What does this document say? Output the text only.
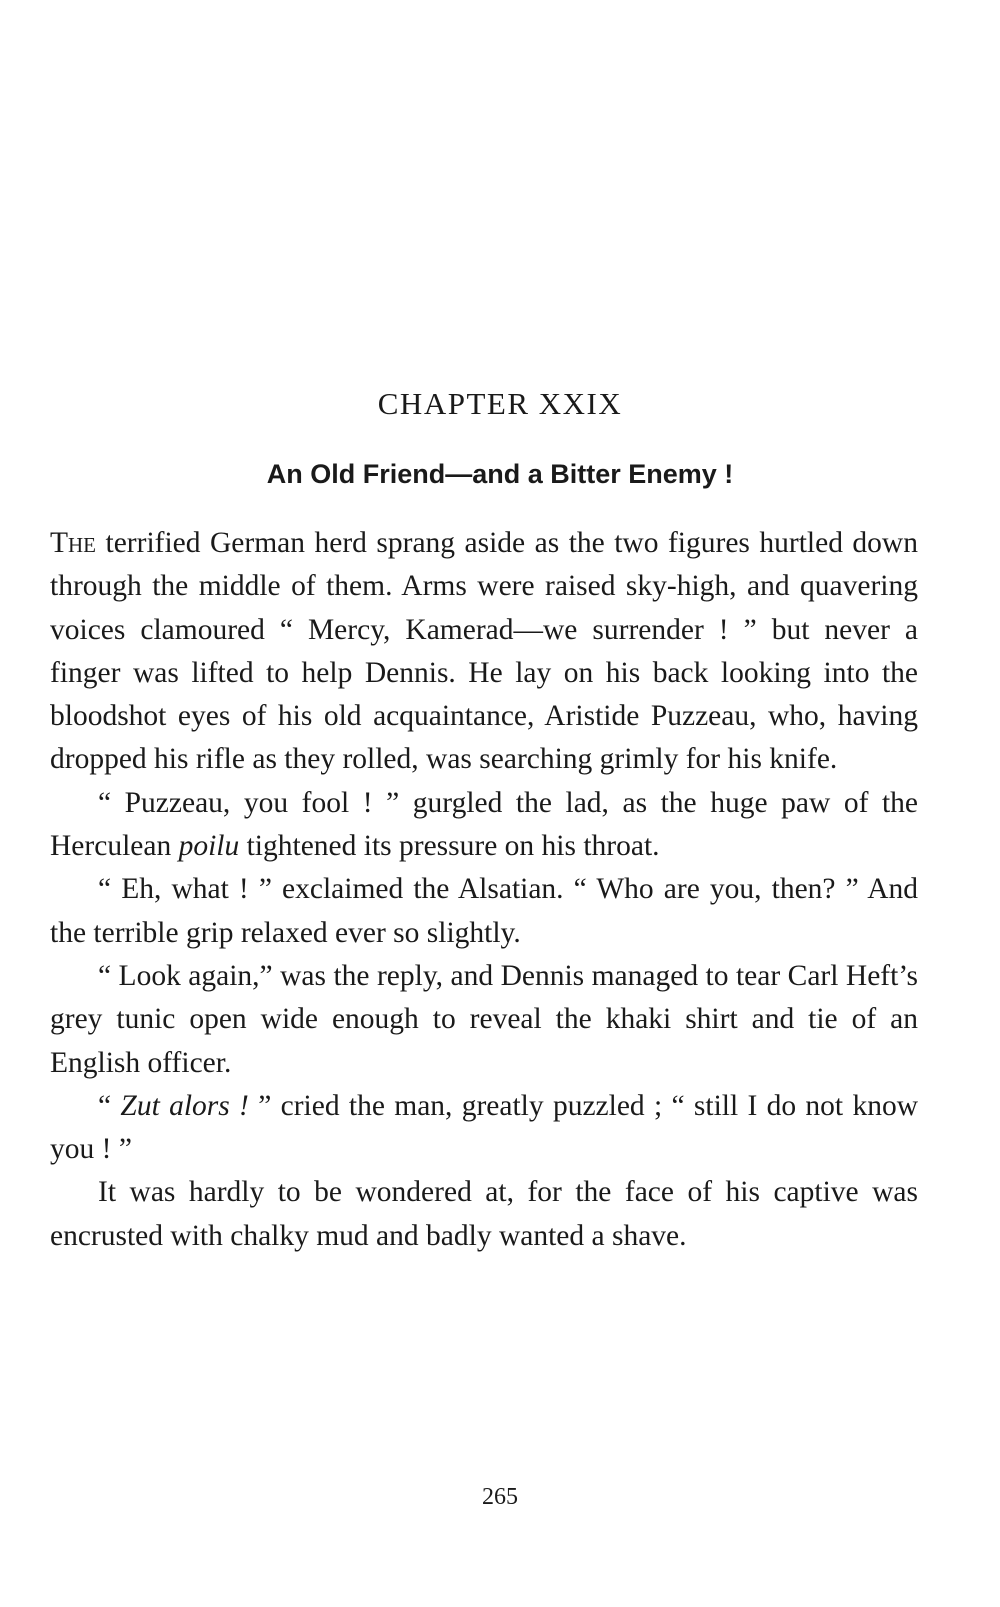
CHAPTER XXIX
An Old Friend—and a Bitter Enemy !

The terrified German herd sprang aside as the two figures hurtled down through the middle of them. Arms were raised sky-high, and quavering voices clamoured “ Mercy, Kamerad—we surrender ! ” but never a finger was lifted to help Dennis. He lay on his back looking into the bloodshot eyes of his old acquaintance, Aristide Puzzeau, who, having dropped his rifle as they rolled, was searching grimly for his knife.

“ Puzzeau, you fool ! ” gurgled the lad, as the huge paw of the Herculean poilu tightened its pressure on his throat.

“ Eh, what ! ” exclaimed the Alsatian. “ Who are you, then? ” And the terrible grip relaxed ever so slightly.

“ Look again,” was the reply, and Dennis managed to tear Carl Heft’s grey tunic open wide enough to reveal the khaki shirt and tie of an English officer.

“ Zut alors ! ” cried the man, greatly puzzled ; “ still I do not know you ! ”

It was hardly to be wondered at, for the face of his captive was encrusted with chalky mud and badly wanted a shave.

265
